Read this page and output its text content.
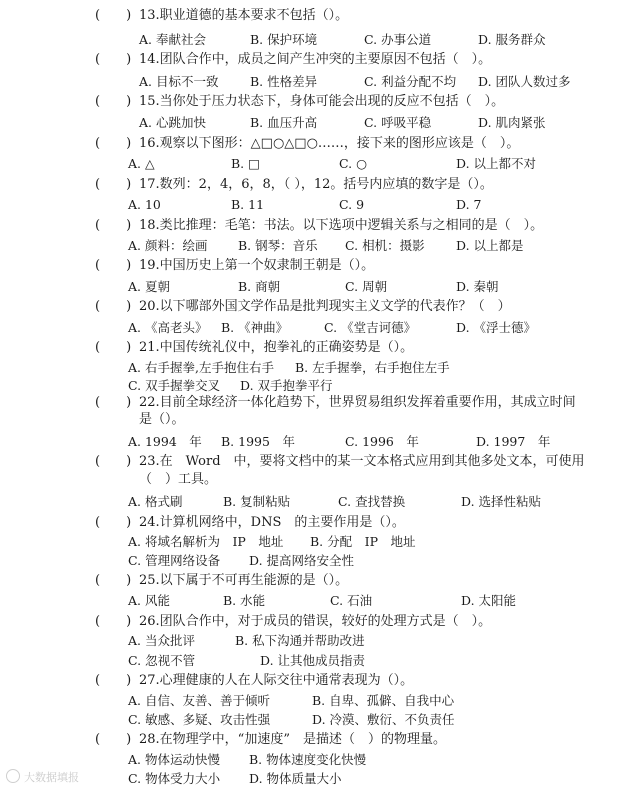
(　　) 13.职业道德的基本要求不包括（）。
A. 奉献社会	B. 保护环境	C. 办事公道	D. 服务群众
(　　) 14.团队合作中，成员之间产生冲突的主要原因不包括（　）。
A. 目标不一致	B. 性格差异	C. 利益分配不均 D. 团队人数过多
(　　) 15.当你处于压力状态下，身体可能会出现的反应不包括（　）。
A. 心跳加快	B. 血压升高	C. 呼吸平稳	D. 肌肉紧张
(　　) 16.观察以下图形：△□○△□○……，接下来的图形应该是（　）。
A. △	B. □	C. ○	D. 以上都不对
(　　) 17.数列：2，4，6，8，（ ），12。括号内应填的数字是（）。
A. 10	B. 11	C. 9	D. 7
(　　) 18.类比推理：毛笔：书法。以下选项中逻辑关系与之相同的是（　）。
A. 颜料：绘画 B. 钢琴：音乐 C. 相机：摄影	D. 以上都是
(　　) 19.中国历史上第一个奴隶制王朝是（）。
A. 夏朝	B. 商朝	C. 周朝	D. 秦朝
(　　) 20.以下哪部外国文学作品是批判现实主义文学的代表作？（　）
A. 《高老头》 B. 《神曲》	C. 《堂吉诃德》	D. 《浮士德》
(　　) 21.中国传统礼仪中，抱拳礼的正确姿势是（）。
A. 右手握拳,左手抱住右手 B. 左手握拳，右手抱住左手
C. 双手握拳交叉 D. 双手抱拳平行
(　　) 22.目前全球经济一体化趋势下，世界贸易组织发挥着重要作用，其成立时间
是（）。
A. 1994　年 B. 1995　年	C. 1996　年	D. 1997　年
(　　) 23.在　Word　中，要将文档中的某一文本格式应用到其他多处文本，可使用
（　）工具。
A. 格式刷	B. 复制粘贴	C. 查找替换	D. 选择性粘贴
(　　) 24.计算机网络中，DNS　的主要作用是（）。
A. 将域名解析为　IP　地址 B. 分配　IP　地址
C. 管理网络设备 D. 提高网络安全性
(　　) 25.以下属于不可再生能源的是（）。
A. 风能	B. 水能	C. 石油	D. 太阳能
(　　) 26.团队合作中，对于成员的错误，较好的处理方式是（　）。
A. 当众批评	B. 私下沟通并帮助改进
C. 忽视不管	D. 让其他成员指责
(　　) 27.心理健康的人在人际交往中通常表现为（）。
A. 自信、友善、善于倾听	B. 自卑、孤僻、自我中心
C. 敏感、多疑、攻击性强	D. 冷漠、敷衍、不负责任
(　　) 28.在物理学中，“加速度”　是描述（　）的物理量。
A. 物体运动快慢 B. 物体速度变化快慢
C. 物体受力大小 D. 物体质量大小
大数据填报
